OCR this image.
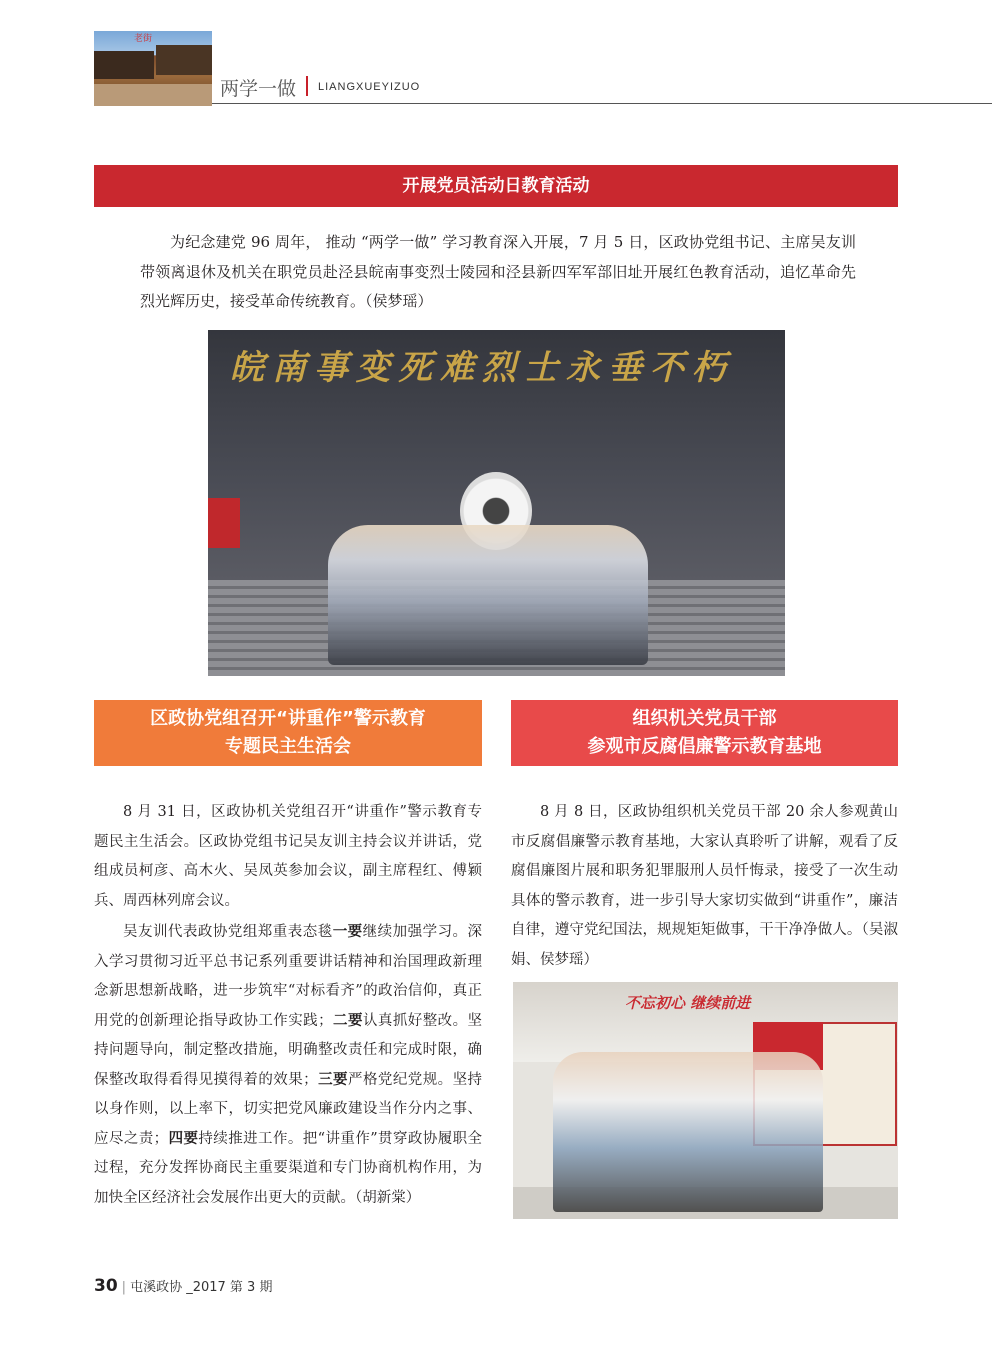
老街
两学一做 LIANGXUEYIZUO
开展党员活动日教育活动

为纪念建党 96 周年， 推动 “两学一做” 学习教育深入开展，7 月 5 日，区政协党组书记、主席吴友训带领离退休及机关在职党员赴泾县皖南事变烈士陵园和泾县新四军军部旧址开展红色教育活动，追忆革命先烈光辉历史，接受革命传统教育。（侯梦瑶）

皖南事变死难烈士永垂不朽
区政协党组召开“讲重作”警示教育
专题民主生活会

8 月 31 日，区政协机关党组召开“讲重作”警示教育专题民主生活会。区政协党组书记吴友训主持会议并讲话，党组成员柯彦、高木火、吴凤英参加会议，副主席程红、傅颖兵、周西林列席会议。

吴友训代表政协党组郑重表态毯一要继续加强学习。深入学习贯彻习近平总书记系列重要讲话精神和治国理政新理念新思想新战略，进一步筑牢“对标看齐”的政治信仰，真正用党的创新理论指导政协工作实践；二要认真抓好整改。坚持问题导向，制定整改措施，明确整改责任和完成时限，确保整改取得看得见摸得着的效果；三要严格党纪党规。坚持以身作则，以上率下，切实把党风廉政建设当作分内之事、应尽之责；四要持续推进工作。把“讲重作”贯穿政协履职全过程，充分发挥协商民主重要渠道和专门协商机构作用，为加快全区经济社会发展作出更大的贡献。（胡新棠）

组织机关党员干部
参观市反腐倡廉警示教育基地

8 月 8 日，区政协组织机关党员干部 20 余人参观黄山市反腐倡廉警示教育基地，大家认真聆听了讲解，观看了反腐倡廉图片展和职务犯罪服刑人员忏悔录，接受了一次生动具体的警示教育，进一步引导大家切实做到“讲重作”，廉洁自律，遵守党纪国法，规规矩矩做事，干干净净做人。（吴淑娟、侯梦瑶）

不忘初心 继续前进
30 | 屯溪政协 _2017 第 3 期
